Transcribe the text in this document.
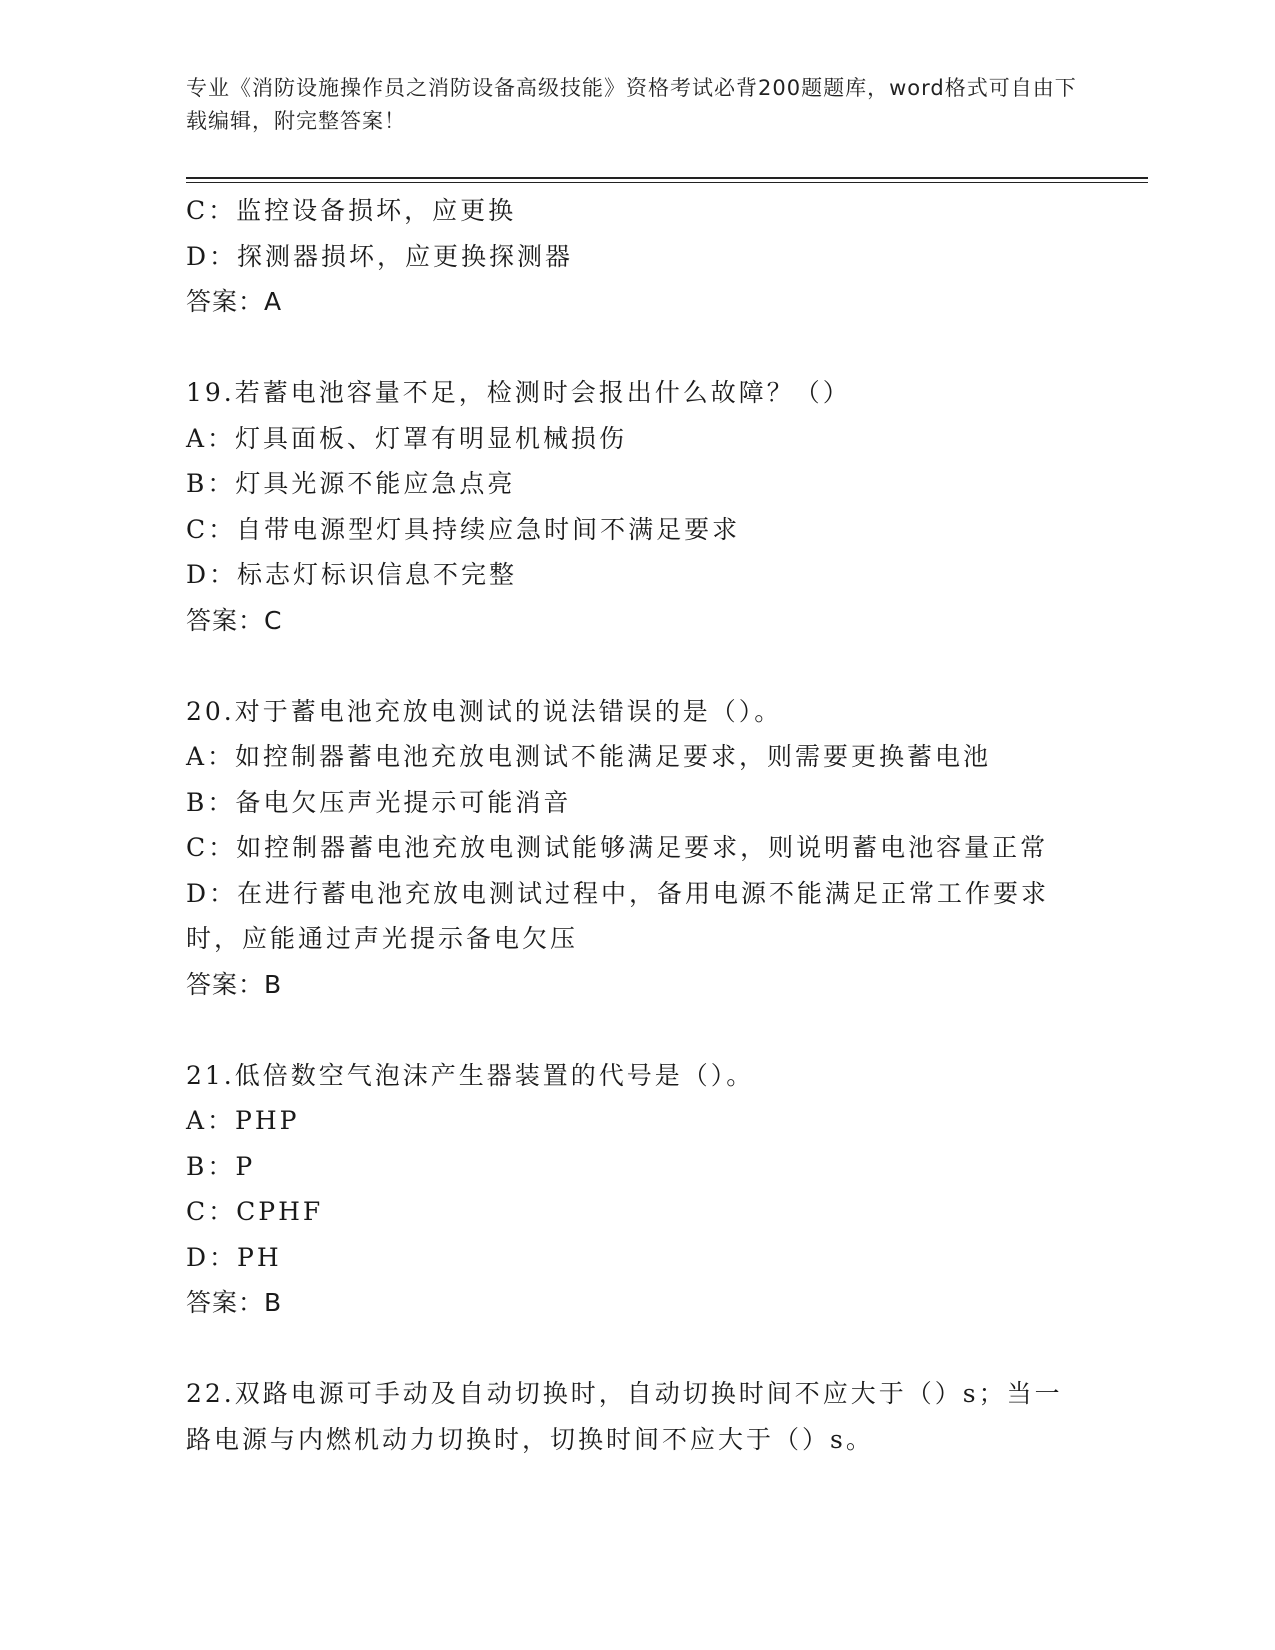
专业《消防设施操作员之消防设备高级技能》资格考试必背200题题库，word格式可自由下载编辑，附完整答案！
C：监控设备损坏，应更换
D：探测器损坏，应更换探测器
答案：A
19.若蓄电池容量不足，检测时会报出什么故障？（）
A：灯具面板、灯罩有明显机械损伤
B：灯具光源不能应急点亮
C：自带电源型灯具持续应急时间不满足要求
D：标志灯标识信息不完整
答案：C
20.对于蓄电池充放电测试的说法错误的是（）。
A：如控制器蓄电池充放电测试不能满足要求，则需要更换蓄电池
B：备电欠压声光提示可能消音
C：如控制器蓄电池充放电测试能够满足要求，则说明蓄电池容量正常
D：在进行蓄电池充放电测试过程中，备用电源不能满足正常工作要求时，应能通过声光提示备电欠压
答案：B
21.低倍数空气泡沫产生器装置的代号是（）。
A：PHP
B：P
C：CPHF
D：PH
答案：B
22.双路电源可手动及自动切换时，自动切换时间不应大于（）s；当一路电源与内燃机动力切换时，切换时间不应大于（）s。
